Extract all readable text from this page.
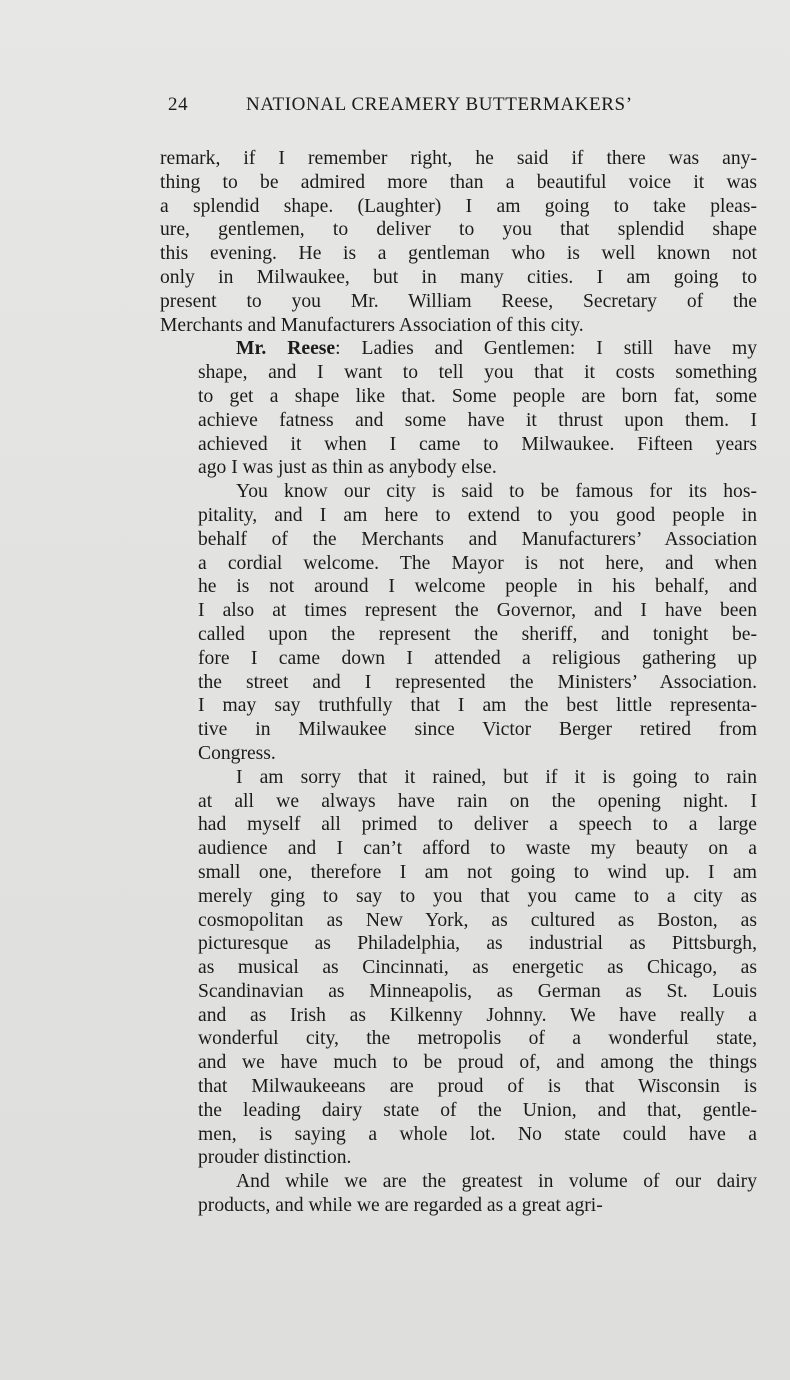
24	NATIONAL CREAMERY BUTTERMAKERS’
remark, if I remember right, he said if there was any-
thing to be admired more than a beautiful voice it was
a splendid shape. (Laughter) I am going to take pleas-
ure, gentlemen, to deliver to you that splendid shape
this evening. He is a gentleman who is well known not
only in Milwaukee, but in many cities. I am going to
present to you Mr. William Reese, Secretary of the
Merchants and Manufacturers Association of this city.
Mr. Reese: Ladies and Gentlemen: I still have my
shape, and I want to tell you that it costs something
to get a shape like that. Some people are born fat, some
achieve fatness and some have it thrust upon them. I
achieved it when I came to Milwaukee. Fifteen years
ago I was just as thin as anybody else.
You know our city is said to be famous for its hos-
pitality, and I am here to extend to you good people in
behalf of the Merchants and Manufacturers’ Association
a cordial welcome. The Mayor is not here, and when
he is not around I welcome people in his behalf, and
I also at times represent the Governor, and I have been
called upon the represent the sheriff, and tonight be-
fore I came down I attended a religious gathering up
the street and I represented the Ministers’ Association.
I may say truthfully that I am the best little representa-
tive in Milwaukee since Victor Berger retired from
Congress.
I am sorry that it rained, but if it is going to rain
at all we always have rain on the opening night. I
had myself all primed to deliver a speech to a large
audience and I can’t afford to waste my beauty on a
small one, therefore I am not going to wind up. I am
merely ging to say to you that you came to a city as
cosmopolitan as New York, as cultured as Boston, as
picturesque as Philadelphia, as industrial as Pittsburgh,
as musical as Cincinnati, as energetic as Chicago, as
Scandinavian as Minneapolis, as German as St. Louis
and as Irish as Kilkenny Johnny. We have really a
wonderful city, the metropolis of a wonderful state,
and we have much to be proud of, and among the things
that Milwaukeeans are proud of is that Wisconsin is
the leading dairy state of the Union, and that, gentle-
men, is saying a whole lot. No state could have a
prouder distinction.
And while we are the greatest in volume of our dairy
products, and while we are regarded as a great agri-
